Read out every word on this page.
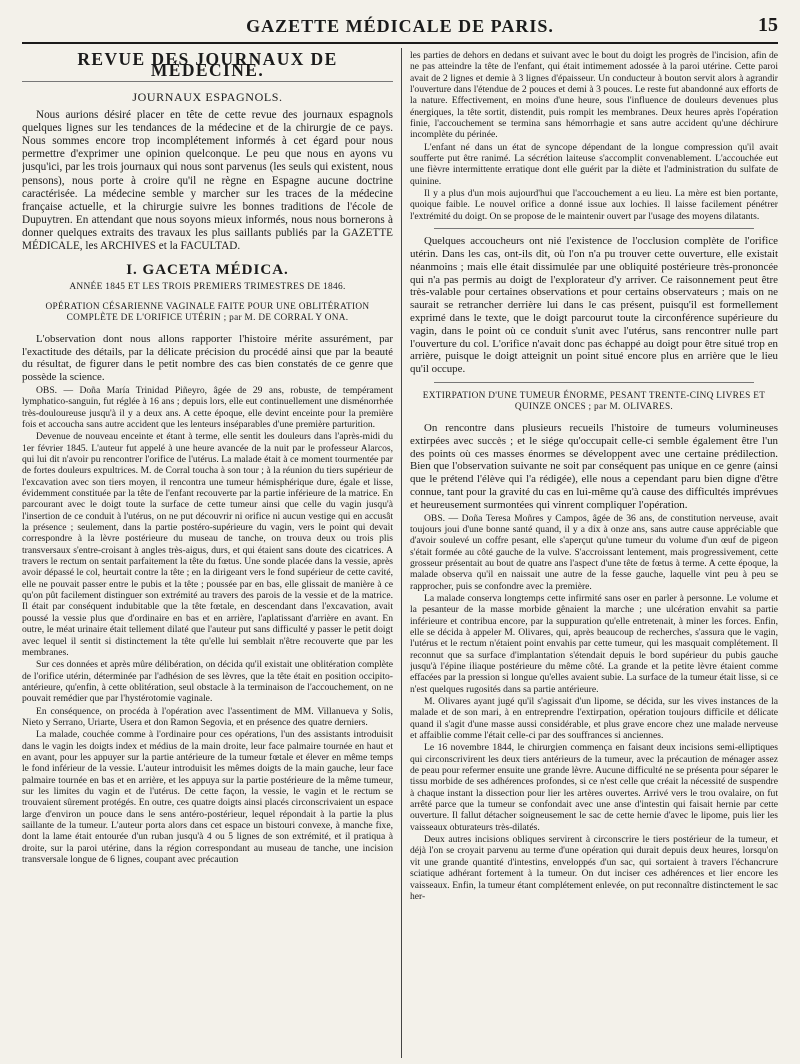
GAZETTE MÉDICALE DE PARIS.	15
REVUE DES JOURNAUX DE MÉDECINE.
JOURNAUX ESPAGNOLS.

Nous aurions désiré placer en tête de cette revue des journaux espagnols quelques lignes sur les tendances de la médecine et de la chirurgie de ce pays. Nous sommes encore trop incomplétement informés à cet égard pour nous permettre d'exprimer une opinion quelconque. Le peu que nous en ayons vu jusqu'ici, par les trois journaux qui nous sont parvenus (les seuls qui existent, nous pensons), nous porte à croire qu'il ne règne en Espagne aucune doctrine caractérisée. La médecine semble y marcher sur les traces de la médecine française actuelle, et la chirurgie suivre les bonnes traditions de l'école de Dupuytren. En attendant que nous soyons mieux informés, nous nous bornerons à donner quelques extraits des travaux les plus saillants publiés par la GAZETTE MÉDICALE, les ARCHIVES et la FACULTAD.

I. GACETA MÉDICA.
ANNÉE 1845 ET LES TROIS PREMIERS TRIMESTRES DE 1846.
OPÉRATION CÉSARIENNE VAGINALE FAITE POUR UNE OBLITÉRATION COMPLÈTE DE L'ORIFICE UTÉRIN ; par M. DE CORRAL Y ONA.

L'observation dont nous allons rapporter l'histoire mérite assurément, par l'exactitude des détails, par la délicate précision du procédé ainsi que par la beauté du résultat, de figurer dans le petit nombre des cas bien constatés de ce genre que possède la science.

OBS. — Doña María Trinidad Piñeyro, âgée de 29 ans, robuste, de tempérament lymphatico-sanguin, fut réglée à 16 ans ; depuis lors, elle eut continuellement une disménorrhée très-douloureuse jusqu'à il y a deux ans. A cette époque, elle devint enceinte pour la première fois et accoucha sans autre accident que les lenteurs inséparables d'une première parturition.

Devenue de nouveau enceinte et étant à terme, elle sentit les douleurs dans l'après-midi du 1er février 1845. L'auteur fut appelé à une heure avancée de la nuit par le professeur Alarcos, qui lui dit n'avoir pu rencontrer l'orifice de l'utérus. La malade était à ce moment tourmentée par de fortes douleurs expultrices. M. de Corral toucha à son tour ; à la réunion du tiers supérieur de l'excavation avec son tiers moyen, il rencontra une tumeur hémisphérique dure, égale et lisse, évidemment constituée par la tête de l'enfant recouverte par la partie inférieure de la matrice. En parcourant avec le doigt toute la surface de cette tumeur ainsi que celle du vagin jusqu'à l'insertion de ce conduit à l'utérus, on ne put découvrir ni orifice ni aucun vestige qui en accusât la présence ; seulement, dans la partie postéro-supérieure du vagin, vers le point qui devait correspondre à la lèvre postérieure du museau de tanche, on trouva deux ou trois plis transversaux s'entre-croisant à angles très-aigus, durs, et qui étaient sans doute des cicatrices. A travers le rectum on sentait parfaitement la tête du fœtus. Une sonde placée dans la vessie, après avoir dépassé le col, heurtait contre la tête ; en la dirigeant vers le fond supérieur de cette cavité, elle ne pouvait passer entre le pubis et la tête ; poussée par en bas, elle glissait de manière à ce qu'on pût facilement distinguer son extrémité au travers des parois de la vessie et de la matrice. Il était par conséquent indubitable que la tête fœtale, en descendant dans l'excavation, avait poussé la vessie plus que d'ordinaire en bas et en arrière, l'aplatissant d'arrière en avant. En outre, le méat urinaire était tellement dilaté que l'auteur put sans difficulté y passer le petit doigt avec lequel il sentit si distinctement la tête qu'elle lui semblait n'être recouverte que par les membranes.

Sur ces données et après mûre délibération, on décida qu'il existait une oblitération complète de l'orifice utérin, déterminée par l'adhésion de ses lèvres, que la tête était en position occipito-antérieure, qu'enfin, à cette oblitération, seul obstacle à la terminaison de l'accouchement, on ne pouvait remédier que par l'hystérotomie vaginale.

En conséquence, on procéda à l'opération avec l'assentiment de MM. Villanueva y Solis, Nieto y Serrano, Uriarte, Usera et don Ramon Segovia, et en présence des quatre derniers.

La malade, couchée comme à l'ordinaire pour ces opérations, l'un des assistants introduisit dans le vagin les doigts index et médius de la main droite, leur face palmaire tournée en haut et en avant, pour les appuyer sur la partie antérieure de la tumeur fœtale et élever en même temps le fond inférieur de la vessie. L'auteur introduisit les mêmes doigts de la main gauche, leur face palmaire tournée en bas et en arrière, et les appuya sur la partie postérieure de la même tumeur, sur les limites du vagin et de l'utérus. De cette façon, la vessie, le vagin et le rectum se trouvaient sûrement protégés. En outre, ces quatre doigts ainsi placés circonscrivaient un espace large d'environ un pouce dans le sens antéro-postérieur, lequel répondait à la partie la plus saillante de la tumeur. L'auteur porta alors dans cet espace un bistouri convexe, à manche fixe, dont la lame était entourée d'un ruban jusqu'à 4 ou 5 lignes de son extrémité, et il pratiqua à droite, sur la paroi utérine, dans la région correspondant au museau de tanche, une incision transversale longue de 6 lignes, coupant avec précaution

les parties de dehors en dedans et suivant avec le bout du doigt les progrès de l'incision, afin de ne pas atteindre la tête de l'enfant, qui était intimement adossée à la paroi utérine. Cette paroi avait de 2 lignes et demie à 3 lignes d'épaisseur. Un conducteur à bouton servit alors à agrandir l'ouverture dans l'étendue de 2 pouces et demi à 3 pouces. Le reste fut abandonné aux efforts de la nature. Effectivement, en moins d'une heure, sous l'influence de douleurs devenues plus énergiques, la tête sortit, distendit, puis rompit les membranes. Deux heures après l'opération finie, l'accouchement se termina sans hémorrhagie et sans autre accident qu'une déchirure incomplète du périnée.

L'enfant né dans un état de syncope dépendant de la longue compression qu'il avait soufferte put être ranimé. La sécrétion laiteuse s'accomplit convenablement. L'accouchée eut une fièvre intermittente erratique dont elle guérit par la diète et l'administration du sulfate de quinine.

Il y a plus d'un mois aujourd'hui que l'accouchement a eu lieu. La mère est bien portante, quoique faible. Le nouvel orifice a donné issue aux lochies. Il laisse facilement pénétrer l'extrémité du doigt. On se propose de le maintenir ouvert par l'usage des moyens dilatants.

Quelques accoucheurs ont nié l'existence de l'occlusion complète de l'orifice utérin. Dans les cas, ont-ils dit, où l'on n'a pu trouver cette ouverture, elle existait néanmoins ; mais elle était dissimulée par une obliquité postérieure très-prononcée qui n'a pas permis au doigt de l'explorateur d'y arriver. Ce raisonnement peut être très-valable pour certaines observations et pour certains observateurs ; mais on ne saurait se retrancher derrière lui dans le cas présent, puisqu'il est formellement exprimé dans le texte, que le doigt parcourut toute la circonférence supérieure du vagin, dans le point où ce conduit s'unit avec l'utérus, sans rencontrer nulle part l'ouverture du col. L'orifice n'avait donc pas échappé au doigt pour être situé trop en arrière, puisque le doigt atteignit un point situé encore plus en arrière que le lieu qu'il occupe.

EXTIRPATION D'UNE TUMEUR ÉNORME, PESANT TRENTE-CINQ LIVRES ET QUINZE ONCES ; par M. OLIVARES.

On rencontre dans plusieurs recueils l'histoire de tumeurs volumineuses extirpées avec succès ; et le siége qu'occupait celle-ci semble également être l'un des points où ces masses énormes se développent avec une certaine prédilection. Bien que l'observation suivante ne soit par conséquent pas unique en ce genre (ainsi que le prétend l'élève qui l'a rédigée), elle nous a cependant paru bien digne d'être connue, tant pour la gravité du cas en lui-même qu'à cause des difficultés imprévues et heureusement surmontées qui vinrent compliquer l'opération.

OBS. — Doña Teresa Moñres y Campos, âgée de 36 ans, de constitution nerveuse, avait toujours joui d'une bonne santé quand, il y a dix à onze ans, sans autre cause appréciable que d'avoir soulevé un coffre pesant, elle s'aperçut qu'une tumeur du volume d'un œuf de pigeon s'était formée au côté gauche de la vulve. S'accroissant lentement, mais progressivement, cette grosseur présentait au bout de quatre ans l'aspect d'une tête de fœtus à terme. A cette époque, la malade observa qu'il en naissait une autre de la fesse gauche, laquelle vint peu à peu se rapprocher, puis se confondre avec la première.

La malade conserva longtemps cette infirmité sans oser en parler à personne. Le volume et la pesanteur de la masse morbide gênaient la marche ; une ulcération envahit sa partie inférieure et contribua encore, par la suppuration qu'elle entretenait, à miner les forces. Enfin, elle se décida à appeler M. Olivares, qui, après beaucoup de recherches, s'assura que le vagin, l'utérus et le rectum n'étaient point envahis par cette tumeur, qui les masquait complétement. Il reconnut que sa surface d'implantation s'étendait depuis le bord supérieur du pubis gauche jusqu'à l'épine iliaque postérieure du même côté. La grande et la petite lèvre étaient comme effacées par la pression si longue qu'elles avaient subie. La surface de la tumeur était lisse, si ce n'est quelques rugosités dans sa partie antérieure.

M. Olivares ayant jugé qu'il s'agissait d'un lipome, se décida, sur les vives instances de la malade et de son mari, à en entreprendre l'extirpation, opération toujours difficile et délicate quand il s'agit d'une masse aussi considérable, et plus grave encore chez une malade nerveuse et affaiblie comme l'était celle-ci par des souffrances si anciennes.

Le 16 novembre 1844, le chirurgien commença en faisant deux incisions semi-elliptiques qui circonscrivirent les deux tiers antérieurs de la tumeur, avec la précaution de ménager assez de peau pour refermer ensuite une grande lèvre. Aucune difficulté ne se présenta pour séparer le tissu morbide de ses adhérences profondes, si ce n'est celle que créait la nécessité de suspendre à chaque instant la dissection pour lier les artères ouvertes. Arrivé vers le trou ovalaire, on fut arrêté parce que la tumeur se confondait avec une anse d'intestin qui faisait hernie par cette ouverture. Il fallut détacher soigneusement le sac de cette hernie d'avec le lipome, puis lier les vaisseaux obturateurs très-dilatés.

Deux autres incisions obliques servirent à circonscrire le tiers postérieur de la tumeur, et déjà l'on se croyait parvenu au terme d'une opération qui durait depuis deux heures, lorsqu'on vit une grande quantité d'intestins, enveloppés d'un sac, qui sortaient à travers l'échancrure sciatique adhérant fortement à la tumeur. On dut inciser ces adhérences et lier encore les vaisseaux. Enfin, la tumeur étant complétement enlevée, on put reconnaître distinctement le sac her-
